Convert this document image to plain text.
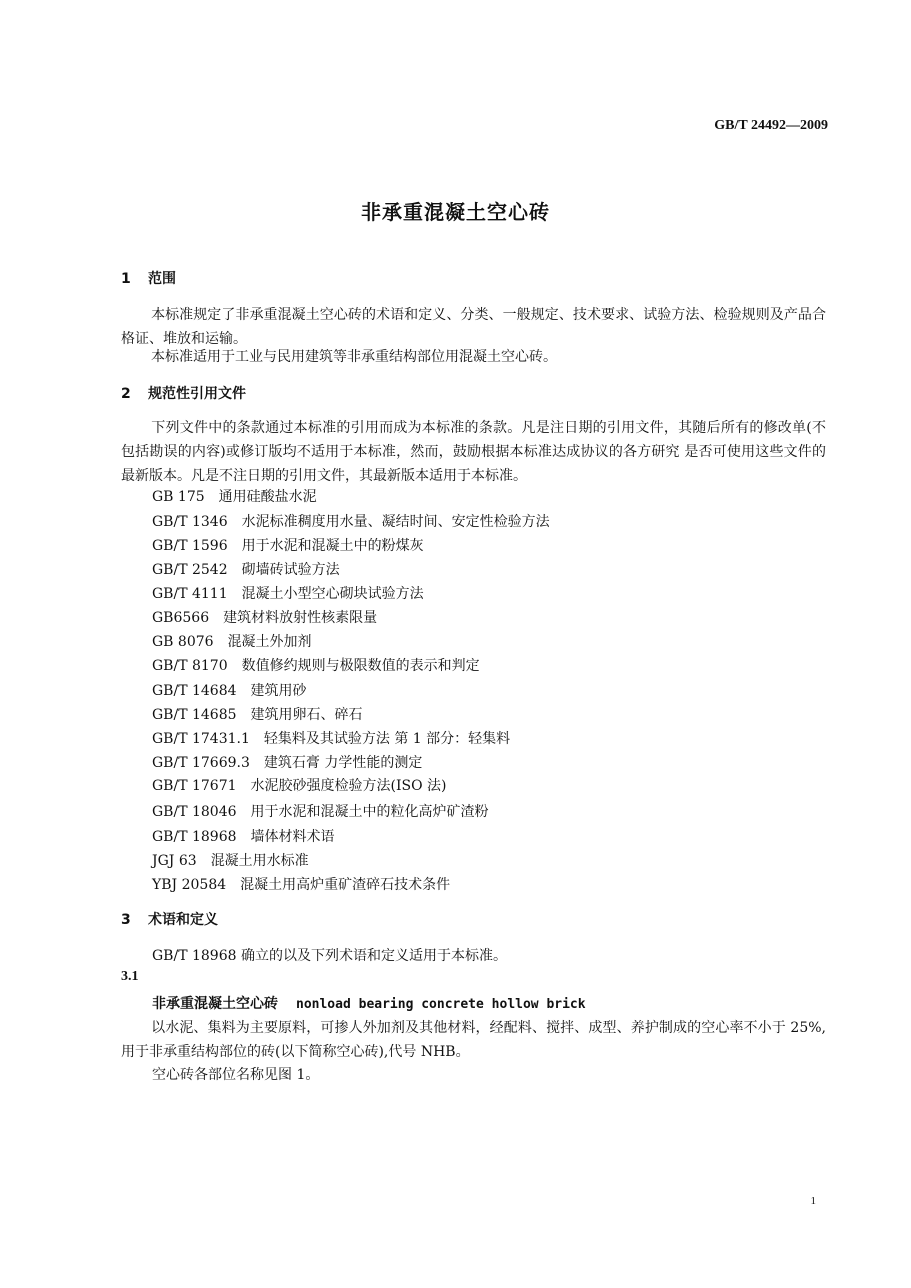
GB/T 24492—2009
非承重混凝土空心砖
1 范围
本标准规定了非承重混凝土空心砖的术语和定义、分类、一般规定、技术要求、试验方法、检验规则及产品合格证、堆放和运输。
本标准适用于工业与民用建筑等非承重结构部位用混凝土空心砖。
2 规范性引用文件
下列文件中的条款通过本标准的引用而成为本标准的条款。凡是注日期的引用文件，其随后所有的修改单(不包括勘误的内容)或修订版均不适用于本标准，然而，鼓励根据本标准达成协议的各方研究 是否可使用这些文件的最新版本。凡是不注日期的引用文件，其最新版本适用于本标准。
GB 175 通用硅酸盐水泥
GB/T 1346 水泥标准稠度用水量、凝结时间、安定性检验方法
GB/T 1596 用于水泥和混凝土中的粉煤灰
GB/T 2542 砌墙砖试验方法
GB/T 4111 混凝土小型空心砌块试验方法
GB6566 建筑材料放射性核素限量
GB 8076 混凝土外加剂
GB/T 8170 数值修约规则与极限数值的表示和判定
GB/T 14684 建筑用砂
GB/T 14685 建筑用卵石、碎石
GB/T 17431.1 轻集料及其试验方法 第 1 部分：轻集料
GB/T 17669.3 建筑石膏 力学性能的测定
GB/T 17671 水泥胶砂强度检验方法(ISO 法)
GB/T 18046 用于水泥和混凝土中的粒化高炉矿渣粉
GB/T 18968 墙体材料术语
JGJ 63 混凝土用水标准
YBJ 20584 混凝土用高炉重矿渣碎石技术条件
3 术语和定义
GB/T 18968 确立的以及下列术语和定义适用于本标准。
3.1
非承重混凝土空心砖 nonload bearing concrete hollow brick
以水泥、集料为主要原料，可掺人外加剂及其他材料，经配料、搅拌、成型、养护制成的空心率不小于 25%,用于非承重结构部位的砖(以下简称空心砖),代号 NHB。
空心砖各部位名称见图 1。
1
